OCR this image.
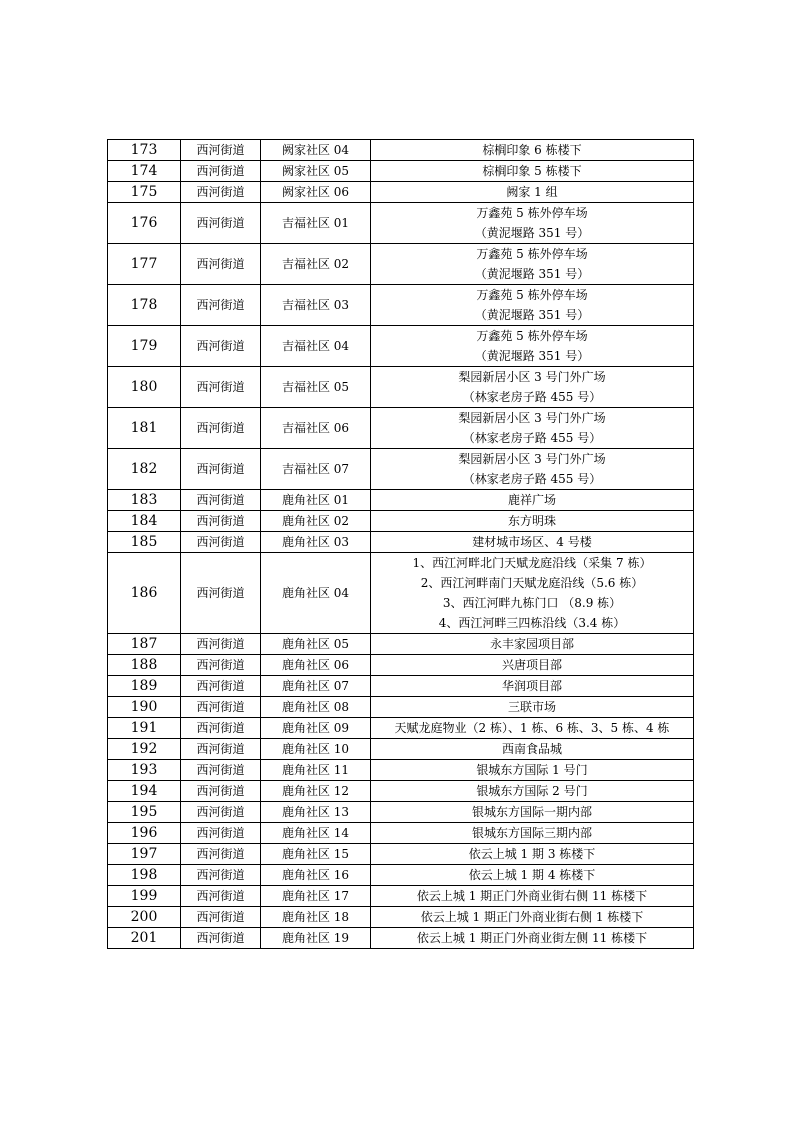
173	西河街道	阙家社区 04	棕榈印象 6 栋楼下

174	西河街道	阙家社区 05	棕榈印象 5 栋楼下

175	西河街道	阙家社区 06	阙家 1 组

176	西河街道	吉福社区 01	万鑫苑 5 栋外停车场
（黄泥堰路 351 号）

177	西河街道	吉福社区 02	万鑫苑 5 栋外停车场
（黄泥堰路 351 号）

178	西河街道	吉福社区 03	万鑫苑 5 栋外停车场
（黄泥堰路 351 号）

179	西河街道	吉福社区 04	万鑫苑 5 栋外停车场
（黄泥堰路 351 号）

180	西河街道	吉福社区 05	梨园新居小区 3 号门外广场
（林家老房子路 455 号）

181	西河街道	吉福社区 06	梨园新居小区 3 号门外广场
（林家老房子路 455 号）

182	西河街道	吉福社区 07	梨园新居小区 3 号门外广场
（林家老房子路 455 号）

183	西河街道	鹿角社区 01	鹿祥广场

184	西河街道	鹿角社区 02	东方明珠

185	西河街道	鹿角社区 03	建材城市场区、4 号楼

186	西河街道	鹿角社区 04	1、西江河畔北门天赋龙庭沿线（采集 7 栋）
2、西江河畔南门天赋龙庭沿线（5.6 栋）
3、西江河畔九栋门口 （8.9 栋）
4、西江河畔三四栋沿线（3.4 栋）

187	西河街道	鹿角社区 05	永丰家园项目部

188	西河街道	鹿角社区 06	兴唐项目部

189	西河街道	鹿角社区 07	华润项目部

190	西河街道	鹿角社区 08	三联市场

191	西河街道	鹿角社区 09	天赋龙庭物业（2 栋）、1 栋、6 栋、3、5 栋、4 栋

192	西河街道	鹿角社区 10	西南食品城

193	西河街道	鹿角社区 11	银城东方国际 1 号门

194	西河街道	鹿角社区 12	银城东方国际 2 号门

195	西河街道	鹿角社区 13	银城东方国际一期内部

196	西河街道	鹿角社区 14	银城东方国际三期内部

197	西河街道	鹿角社区 15	依云上城 1 期 3 栋楼下

198	西河街道	鹿角社区 16	依云上城 1 期 4 栋楼下

199	西河街道	鹿角社区 17	依云上城 1 期正门外商业街右侧 11 栋楼下

200	西河街道	鹿角社区 18	依云上城 1 期正门外商业街右侧 1 栋楼下

201	西河街道	鹿角社区 19	依云上城 1 期正门外商业街左侧 11 栋楼下
